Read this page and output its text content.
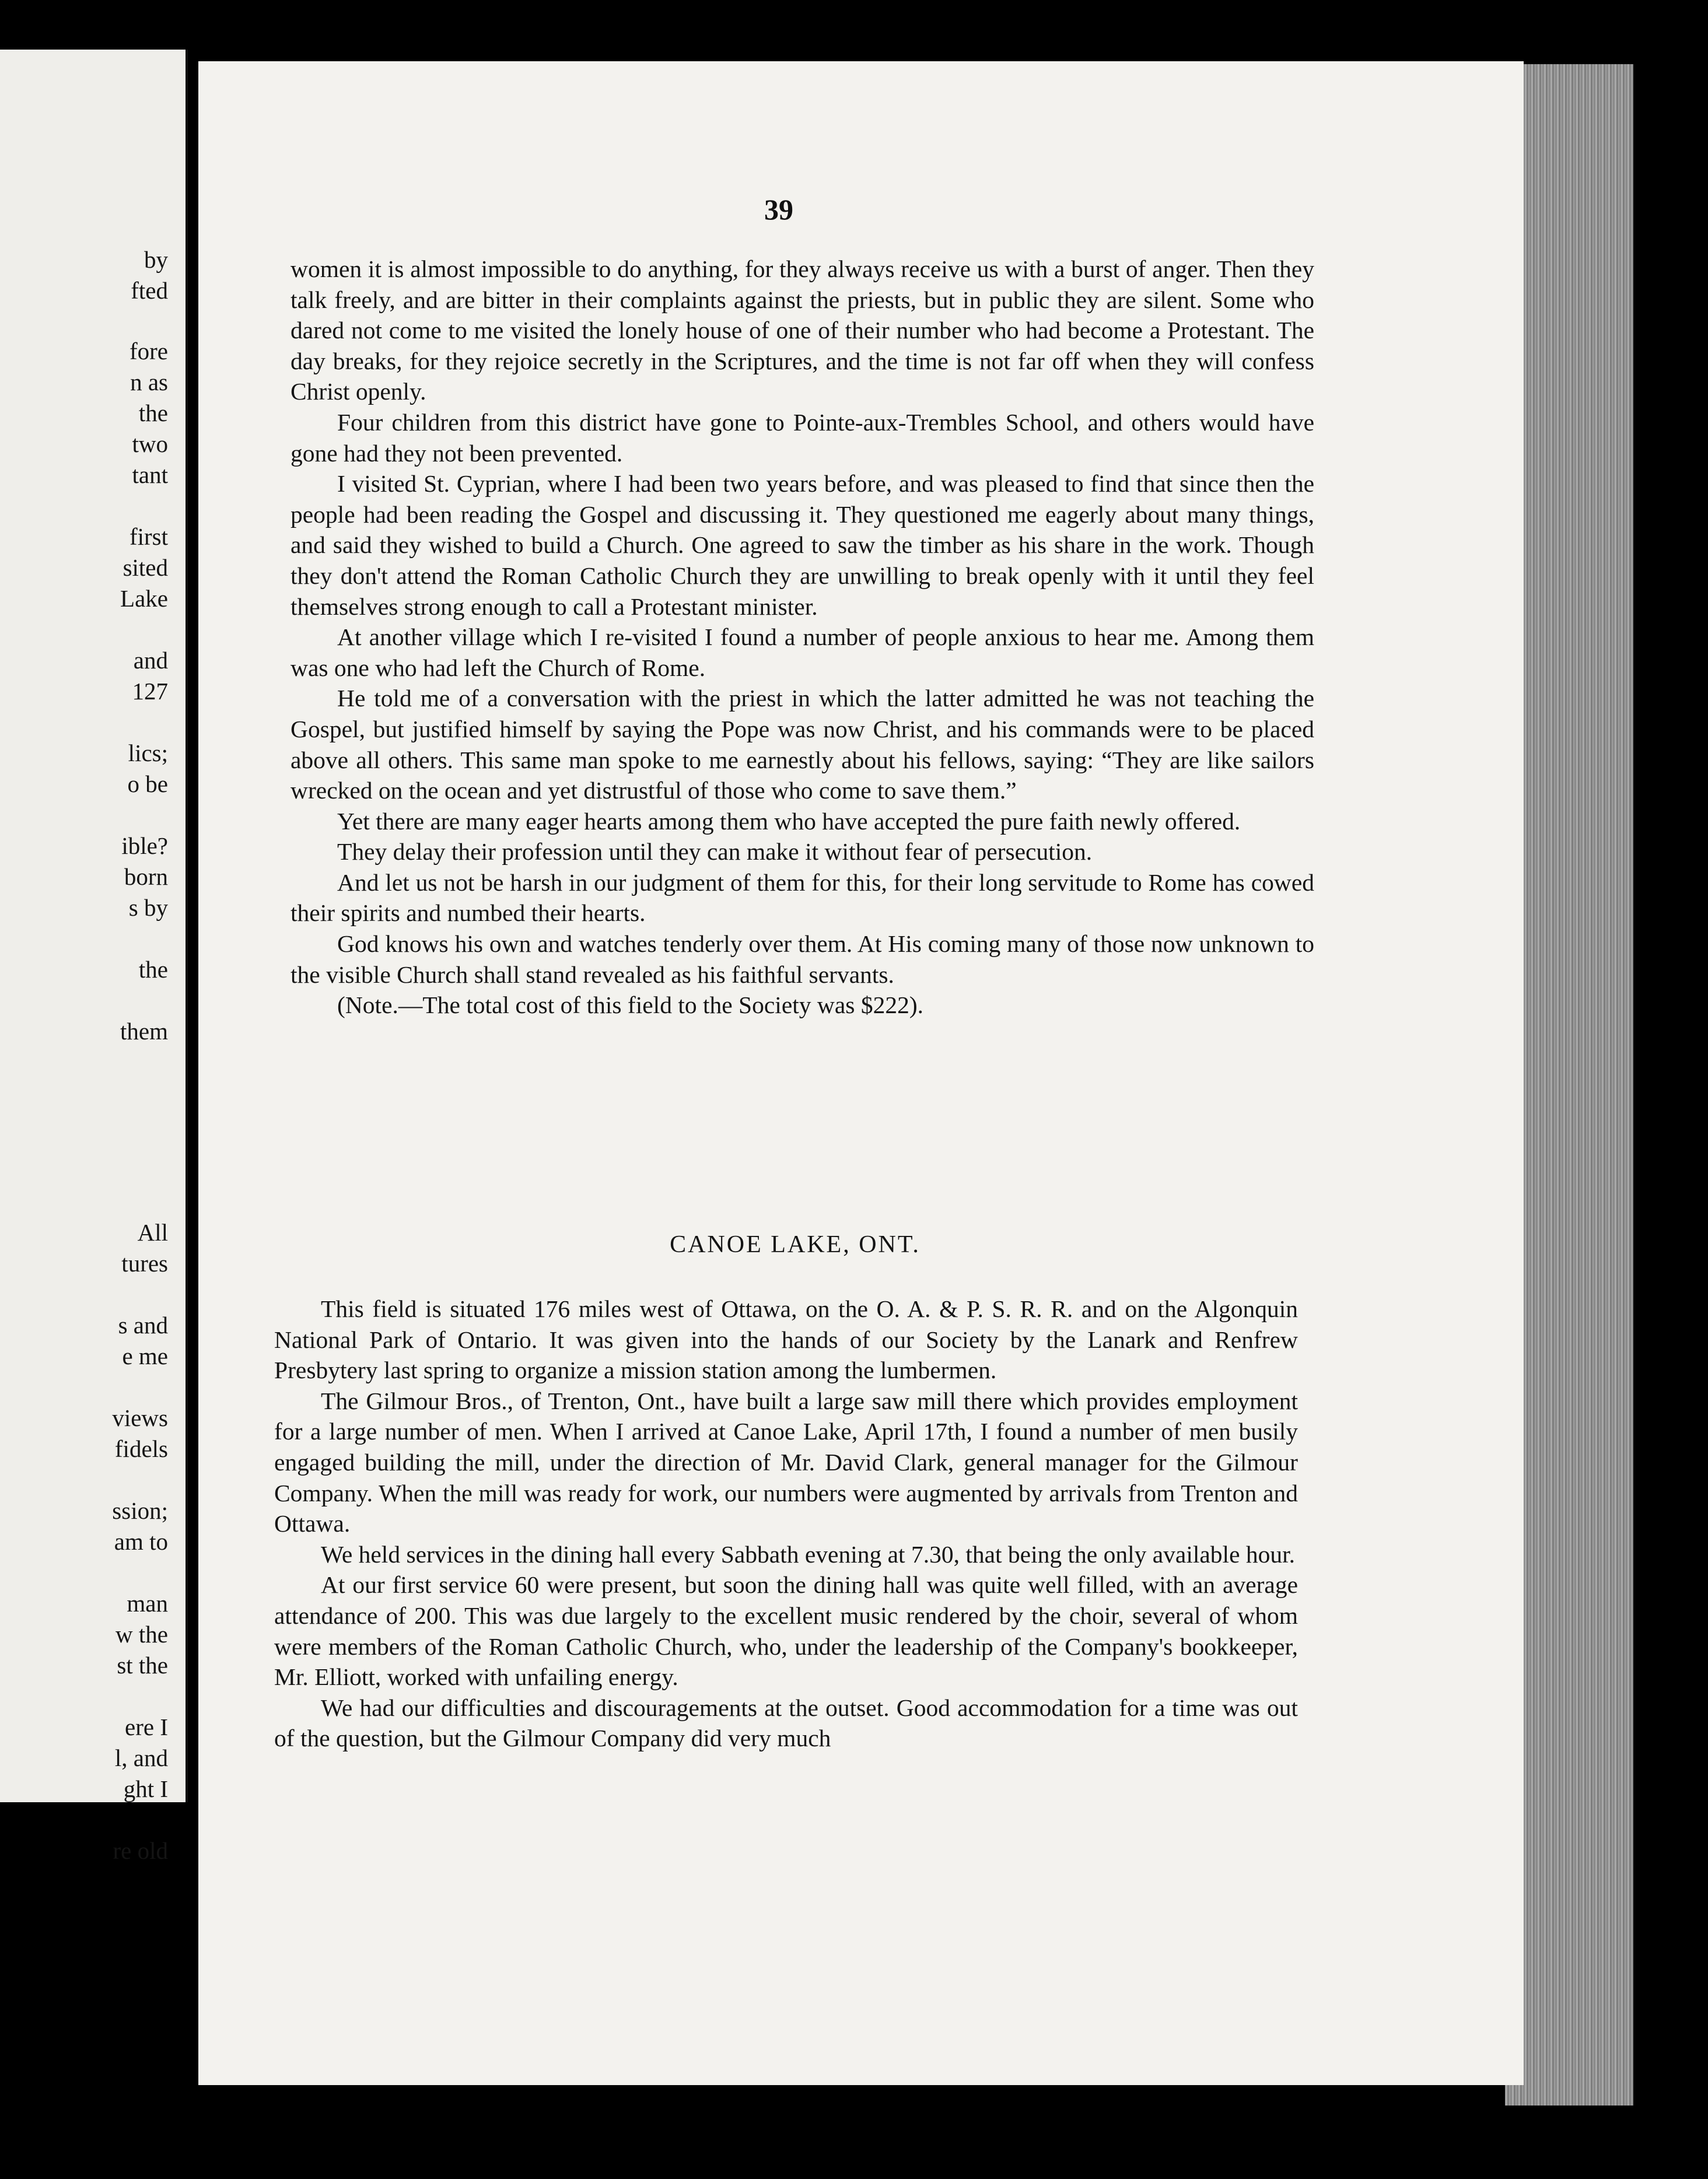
by
fted
fore
n as
the
two
tant
first
sited
Lake
and
127
lics;
o be
ible?
born
s by
the
them
All
tures
s and
e me
views
fidels
ssion;
am to
man
w the
st the
ere I
l, and
ght I
re old
39

women it is almost impossible to do anything, for they always receive us with a burst of anger. Then they talk freely, and are bitter in their complaints against the priests, but in public they are silent. Some who dared not come to me visited the lonely house of one of their number who had become a Protestant. The day breaks, for they rejoice secretly in the Scriptures, and the time is not far off when they will confess Christ openly.

Four children from this district have gone to Pointe-aux-Trembles School, and others would have gone had they not been prevented.

I visited St. Cyprian, where I had been two years before, and was pleased to find that since then the people had been reading the Gospel and discussing it. They questioned me eagerly about many things, and said they wished to build a Church. One agreed to saw the timber as his share in the work. Though they don't attend the Roman Catholic Church they are unwilling to break openly with it until they feel themselves strong enough to call a Protestant minister.

At another village which I re-visited I found a number of people anxious to hear me. Among them was one who had left the Church of Rome.

He told me of a conversation with the priest in which the latter admitted he was not teaching the Gospel, but justified himself by saying the Pope was now Christ, and his commands were to be placed above all others. This same man spoke to me earnestly about his fellows, saying: “They are like sailors wrecked on the ocean and yet distrustful of those who come to save them.”

Yet there are many eager hearts among them who have accepted the pure faith newly offered.

They delay their profession until they can make it without fear of persecution.

And let us not be harsh in our judgment of them for this, for their long servitude to Rome has cowed their spirits and numbed their hearts.

God knows his own and watches tenderly over them. At His coming many of those now unknown to the visible Church shall stand revealed as his faithful servants.

(Note.—The total cost of this field to the Society was $222).

CANOE LAKE, ONT.

This field is situated 176 miles west of Ottawa, on the O. A. & P. S. R. R. and on the Algonquin National Park of Ontario. It was given into the hands of our Society by the Lanark and Renfrew Presbytery last spring to organize a mission station among the lumbermen.

The Gilmour Bros., of Trenton, Ont., have built a large saw mill there which provides employment for a large number of men. When I arrived at Canoe Lake, April 17th, I found a number of men busily engaged building the mill, under the direction of Mr. David Clark, general manager for the Gilmour Company. When the mill was ready for work, our numbers were augmented by arrivals from Trenton and Ottawa.

We held services in the dining hall every Sabbath evening at 7.30, that being the only available hour.

At our first service 60 were present, but soon the dining hall was quite well filled, with an average attendance of 200. This was due largely to the excellent music rendered by the choir, several of whom were members of the Roman Catholic Church, who, under the leadership of the Company's bookkeeper, Mr. Elliott, worked with unfailing energy.

We had our difficulties and discouragements at the outset. Good accommodation for a time was out of the question, but the Gilmour Company did very much
